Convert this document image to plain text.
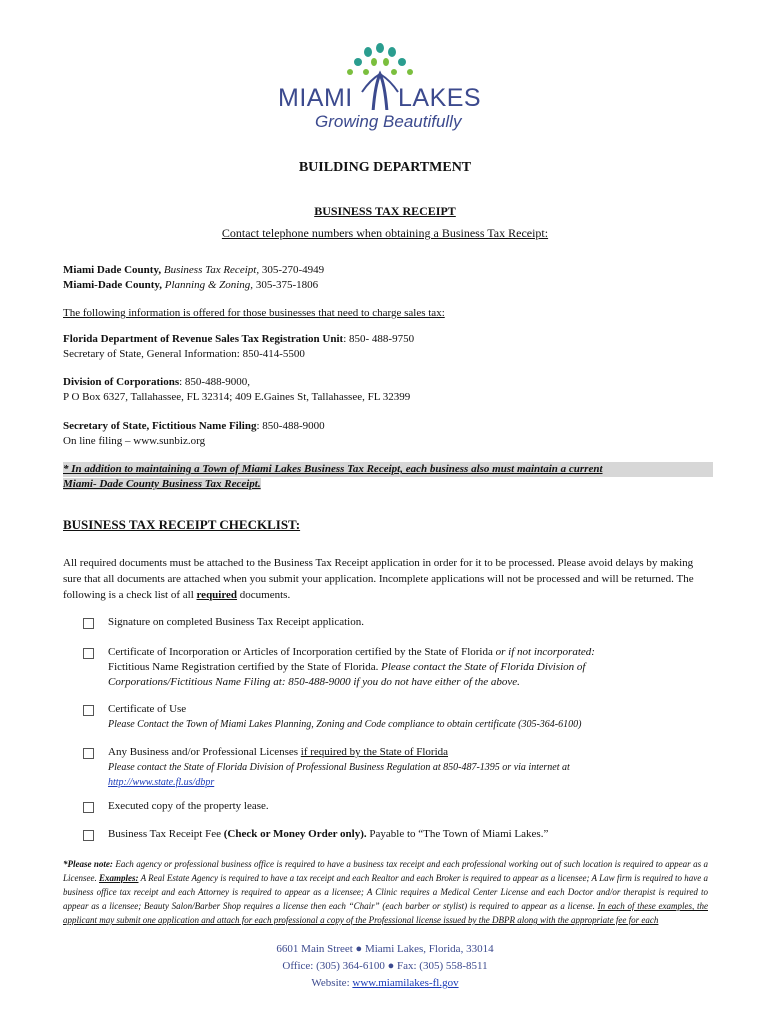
MIAMI LAKES
Growing Beautifully
BUILDING DEPARTMENT
BUSINESS TAX RECEIPT
Contact telephone numbers when obtaining a Business Tax Receipt:
Miami Dade County, Business Tax Receipt, 305-270-4949
Miami-Dade County, Planning & Zoning, 305-375-1806
The following information is offered for those businesses that need to charge sales tax:
Florida Department of Revenue Sales Tax Registration Unit: 850- 488-9750
Secretary of State, General Information: 850-414-5500
Division of Corporations: 850-488-9000,
P O Box 6327, Tallahassee, FL 32314; 409 E.Gaines St, Tallahassee, FL 32399
Secretary of State, Fictitious Name Filing: 850-488-9000
On line filing – www.sunbiz.org
* In addition to maintaining a Town of Miami Lakes Business Tax Receipt, each business also must maintain a current
Miami- Dade County Business Tax Receipt.
BUSINESS TAX RECEIPT CHECKLIST:
All required documents must be attached to the Business Tax Receipt application in order for it to be processed. Please avoid delays by making sure that all documents are attached when you submit your application. Incomplete applications will not be processed and will be returned. The following is a check list of all required documents.
Signature on completed Business Tax Receipt application.
Certificate of Incorporation or Articles of Incorporation certified by the State of Florida or if not incorporated:
Fictitious Name Registration certified by the State of Florida. Please contact the State of Florida Division of
Corporations/Fictitious Name Filing at: 850-488-9000 if you do not have either of the above.
Certificate of Use
Please Contact the Town of Miami Lakes Planning, Zoning and Code compliance to obtain certificate (305-364-6100)
Any Business and/or Professional Licenses if required by the State of Florida
Please contact the State of Florida Division of Professional Business Regulation at 850-487-1395 or via internet at
http://www.state.fl.us/dbpr
Executed copy of the property lease.
Business Tax Receipt Fee (Check or Money Order only). Payable to “The Town of Miami Lakes.”
*Please note: Each agency or professional business office is required to have a business tax receipt and each professional working out of such location is required to appear as a Licensee. Examples: A Real Estate Agency is required to have a tax receipt and each Realtor and each Broker is required to appear as a licensee; A Law firm is required to have a business office tax receipt and each Attorney is required to appear as a licensee; A Clinic requires a Medical Center License and each Doctor and/or therapist is required to appear as a licensee; Beauty Salon/Barber Shop requires a license then each “Chair” (each barber or stylist) is required to appear as a license. In each of these examples, the applicant may submit one application and attach for each professional a copy of the Professional license issued by the DBPR along with the appropriate fee for each
6601 Main Street ● Miami Lakes, Florida, 33014
Office: (305) 364-6100 ● Fax: (305) 558-8511
Website: www.miamilakes-fl.gov
